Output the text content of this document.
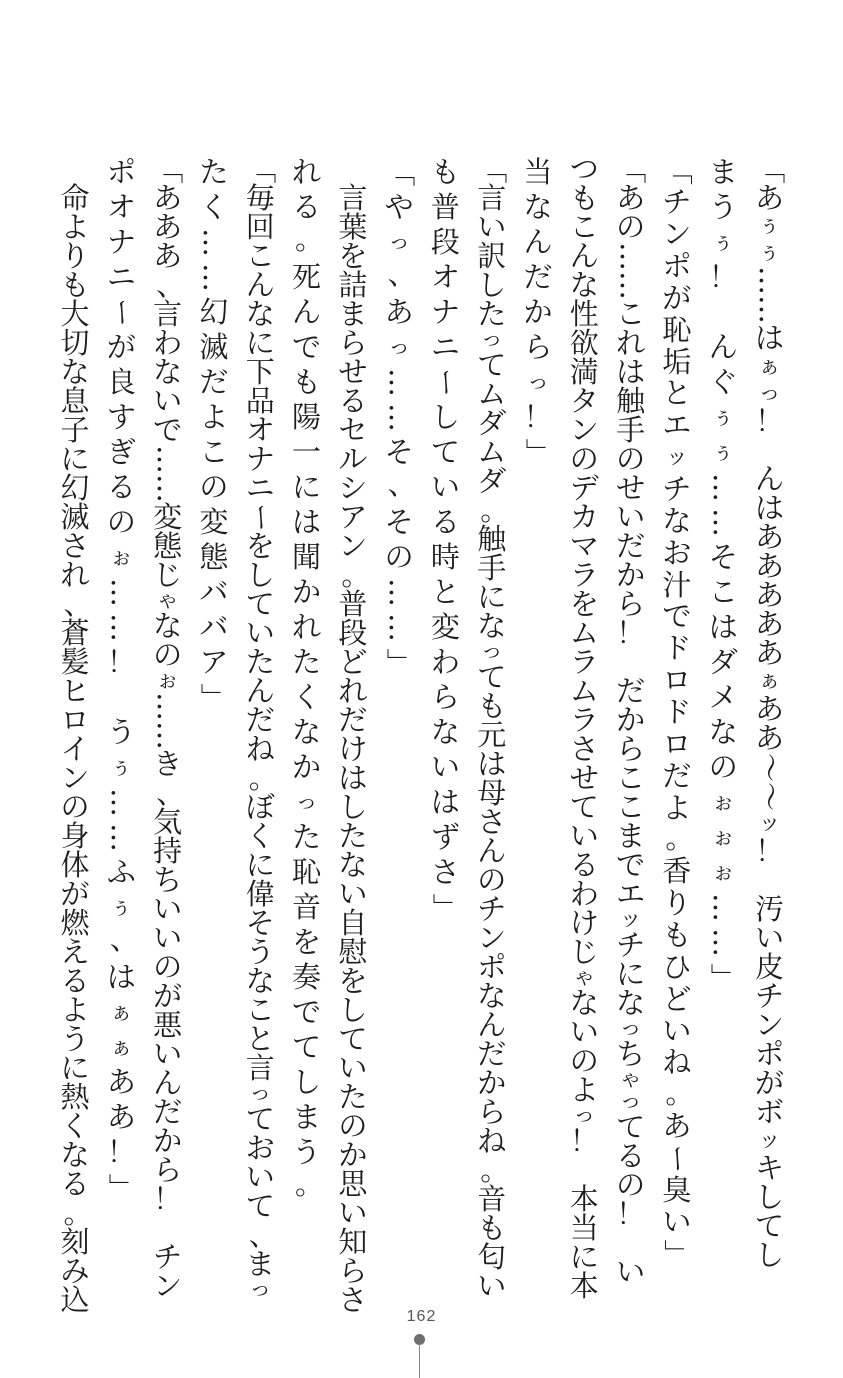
「
あ
ぅ
ぅ
…
…
は
ぁ
っ
！

ん
は
あ
あ
あ
あ
あ
ぁ
あ
あ
～
～
ッ
！

汚
い
皮
チ
ン
ポ
が
ボ
ッ
キ
し
て
し
ま
う
ぅ
！

ん
ぐ
ぅ
ぅ
…
…
そ
こ
は
ダ
メ
な
の
ぉ
ぉ
ぉ
…
…
」
「
チ
ン
ポ
が
恥
垢
と
エ
ッ
チ
な
お
汁
で
ド
ロ
ド
ロ
だ
よ
。
香
り
も
ひ
ど
い
ね
。
あ
ー
臭
い
」
「
あ
の
…
…
こ
れ
は
触
手
の
せ
い
だ
か
ら
！

だ
か
ら
こ
こ
ま
で
エ
ッ
チ
に
な
っ
ち
ゃ
っ
て
る
の
！

い
つ
も
こ
ん
な
性
欲
満
タ
ン
の
デ
カ
マ
ラ
を
ム
ラ
ム
ラ
さ
せ
て
い
る
わ
け
じ
ゃ
な
い
の
よ
っ
！

本
当
に
本
当
な
ん
だ
か
ら
っ
！
」
「
言
い
訳
し
た
っ
て
ム
ダ
ム
ダ
。
触
手
に
な
っ
て
も
元
は
母
さ
ん
の
チ
ン
ポ
な
ん
だ
か
ら
ね
。
音
も
匂
い
も
普
段
オ
ナ
ニ
ー
し
て
い
る
時
と
変
わ
ら
な
い
は
ず
さ
」
「
や
っ
、
あ
っ
…
…
そ
、
そ
の
…
…
」

言
葉
を
詰
ま
ら
せ
る
セ
ル
シ
ア
ン
。
普
段
ど
れ
だ
け
は
し
た
な
い
自
慰
を
し
て
い
た
の
か
思
い
知
ら
さ
れ
る
。
死
ん
で
も
陽
一
に
は
聞
か
れ
た
く
な
か
っ
た
恥
音
を
奏
で
て
し
ま
う
。
「
毎
回
こ
ん
な
に
下
品
オ
ナ
ニ
ー
を
し
て
い
た
ん
だ
ね
。
ぼ
く
に
偉
そ
う
な
こ
と
言
っ
て
お
い
て
、
ま
っ
た
く
…
…
幻
滅
だ
よ
こ
の
変
態
バ
バ
ア
」
「
あ
あ
あ
、
言
わ
な
い
で
…
…
変
態
じ
ゃ
な
の
ぉ
…
…
き
、
気
持
ち
い
い
の
が
悪
い
ん
だ
か
ら
！

チ
ン
ポ
オ
ナ
ニ
ー
が
良
す
ぎ
る
の
ぉ
…
…
！

う
ぅ
…
…
ふ
ぅ
、
は
ぁ
ぁ
あ
あ
！
」

命
よ
り
も
大
切
な
息
子
に
幻
滅
さ
れ
、
蒼
髪
ヒ
ロ
イ
ン
の
身
体
が
燃
え
る
よ
う
に
熱
く
な
る
。
刻
み
込	162
